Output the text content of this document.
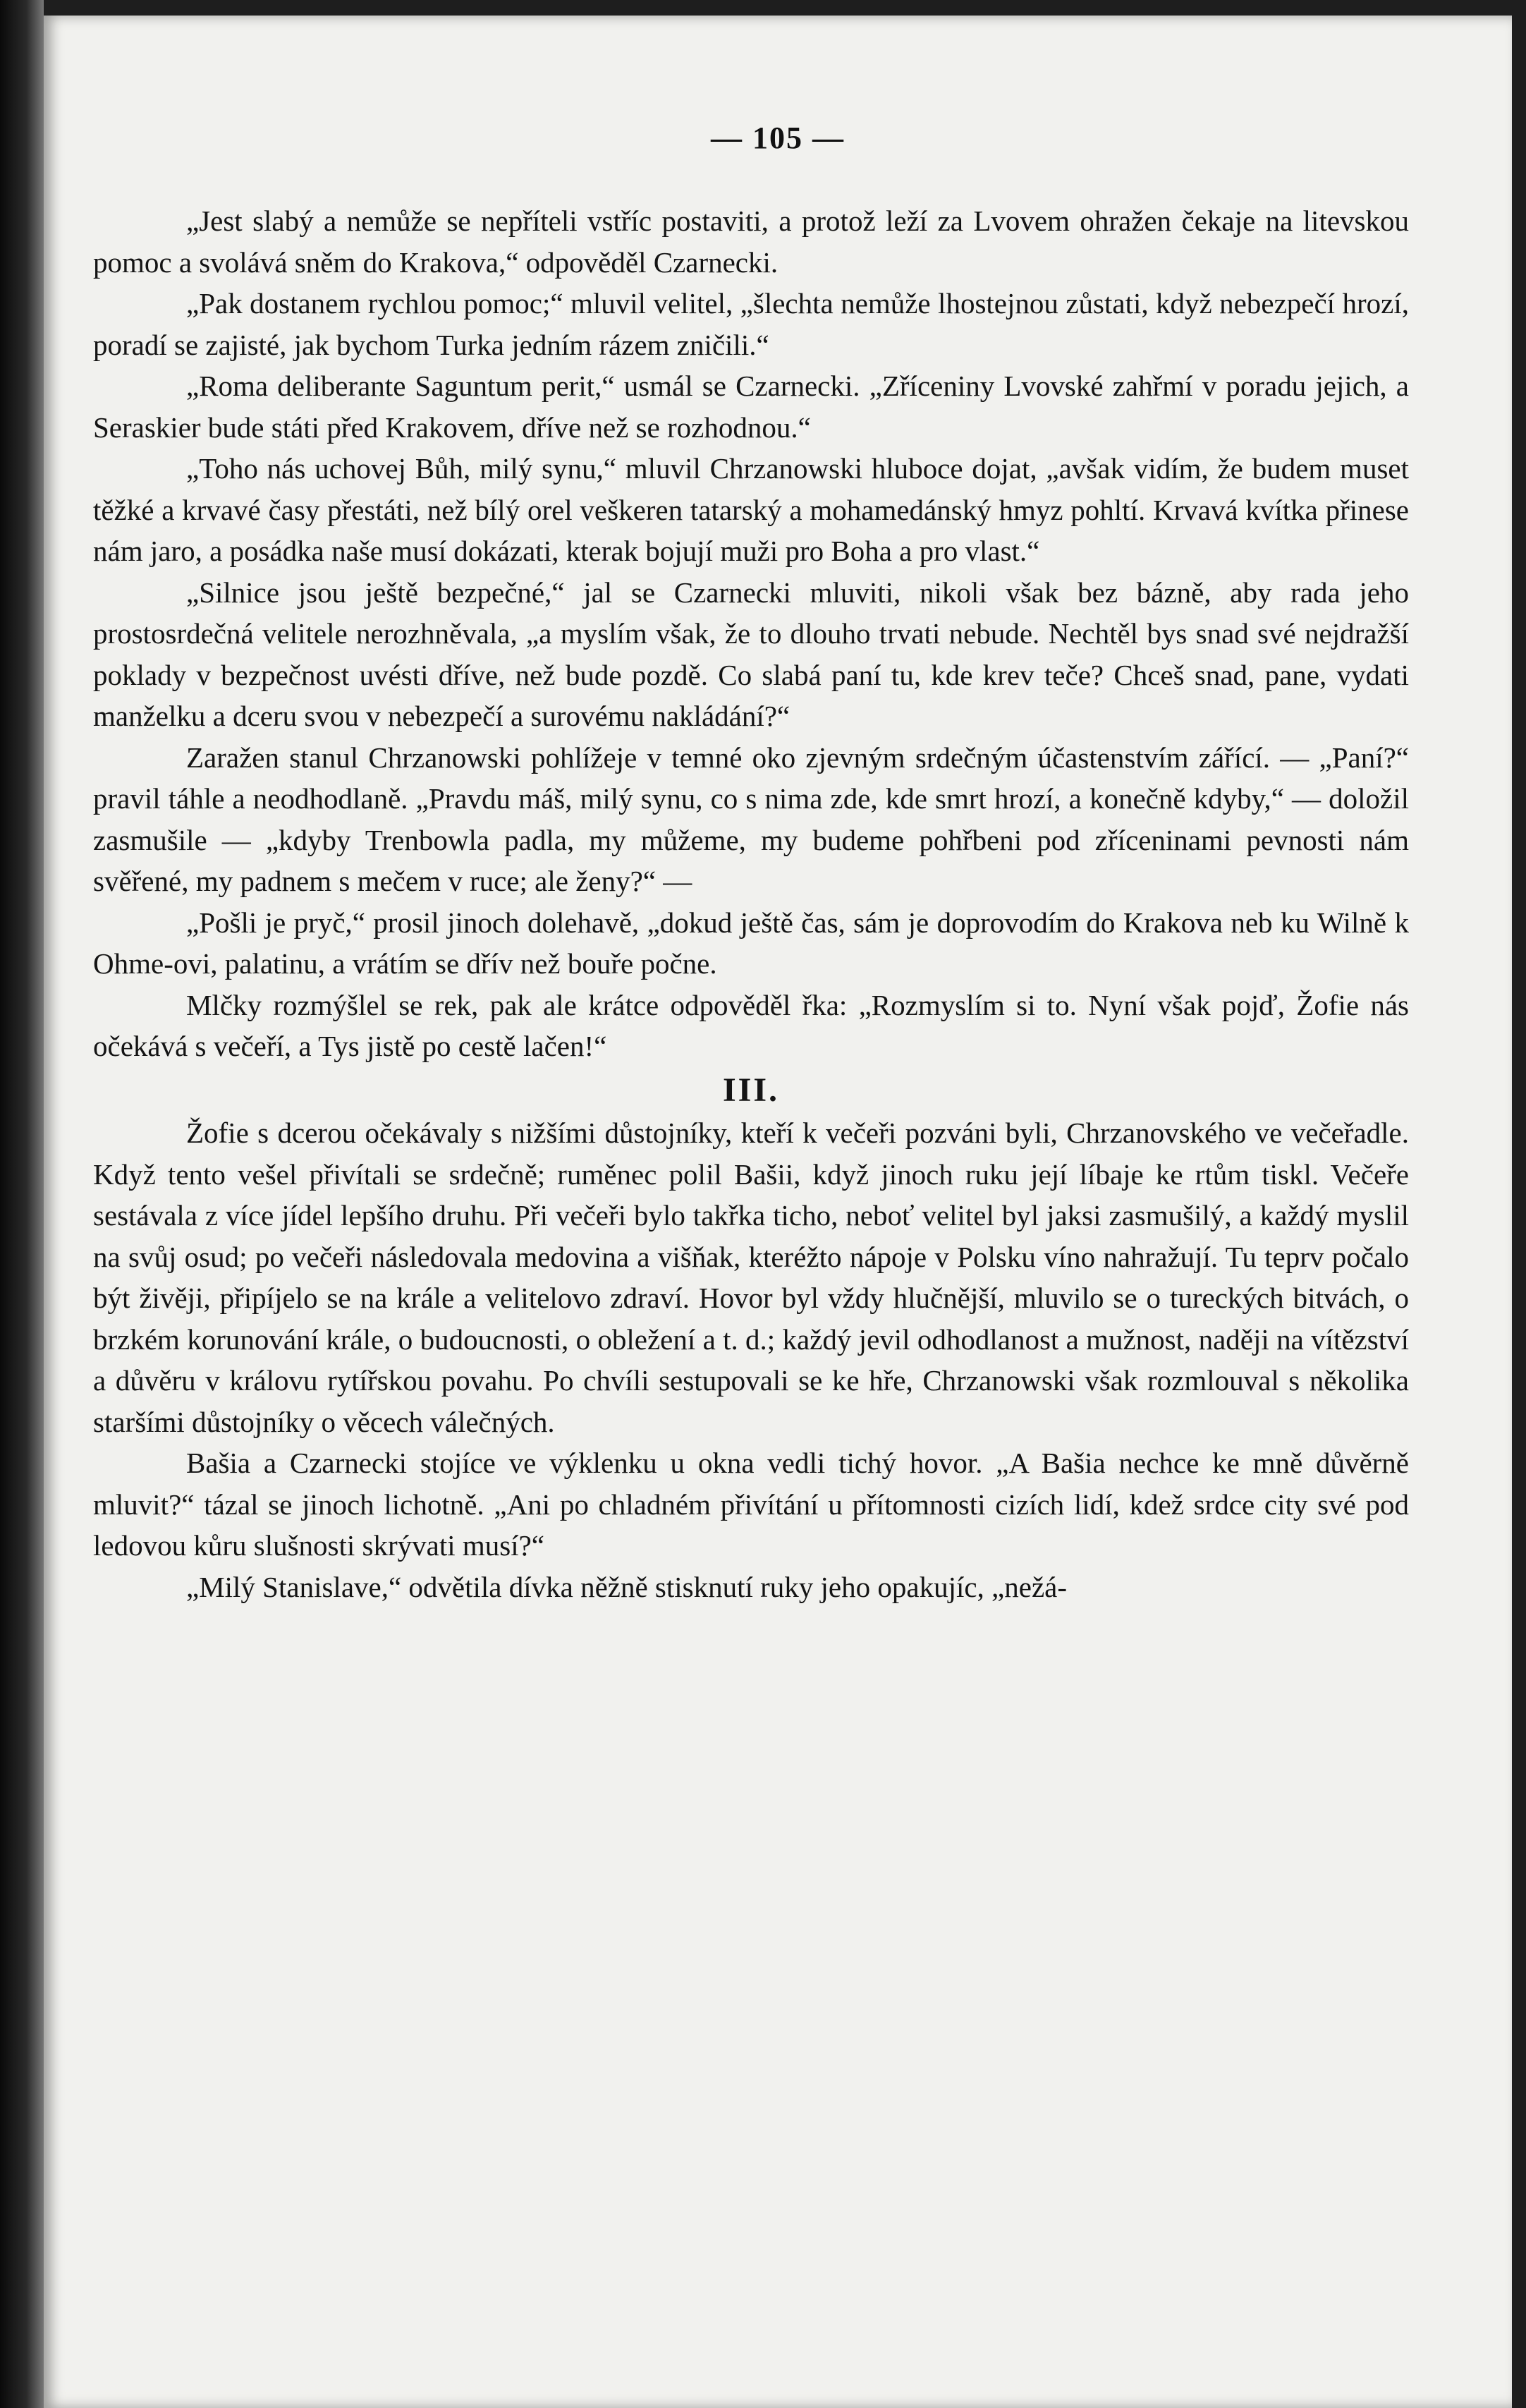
— 105 —

„Jest slabý a nemůže se nepříteli vstříc postaviti, a protož leží za Lvovem ohražen čekaje na litevskou pomoc a svolává sněm do Krakova,“ odpověděl Czarnecki.

„Pak dostanem rychlou pomoc;“ mluvil velitel, „šlechta nemůže lhostejnou zůstati, když nebezpečí hrozí, poradí se zajisté, jak bychom Turka jedním rázem zničili.“

„Roma deliberante Saguntum perit,“ usmál se Czarnecki. „Zříceniny Lvovské zahřmí v poradu jejich, a Seraskier bude státi před Krakovem, dříve než se rozhodnou.“

„Toho nás uchovej Bůh, milý synu,“ mluvil Chrzanowski hluboce dojat, „avšak vidím, že budem muset těžké a krvavé časy přestáti, než bílý orel veškeren tatarský a mohamedánský hmyz pohltí. Krvavá kvítka přinese nám jaro, a posádka naše musí dokázati, kterak bojují muži pro Boha a pro vlast.“

„Silnice jsou ještě bezpečné,“ jal se Czarnecki mluviti, nikoli však bez bázně, aby rada jeho prostosrdečná velitele nerozhněvala, „a myslím však, že to dlouho trvati nebude. Nechtěl bys snad své nejdražší poklady v bezpečnost uvésti dříve, než bude pozdě. Co slabá paní tu, kde krev teče? Chceš snad, pane, vydati manželku a dceru svou v nebezpečí a surovému nakládání?“

Zaražen stanul Chrzanowski pohlížeje v temné oko zjevným srdečným účastenstvím zářící. — „Paní?“ pravil táhle a neodhodlaně. „Pravdu máš, milý synu, co s nima zde, kde smrt hrozí, a konečně kdyby,“ — doložil zasmušile — „kdyby Trenbowla padla, my můžeme, my budeme pohřbeni pod zříceninami pevnosti nám svěřené, my padnem s mečem v ruce; ale ženy?“ —

„Pošli je pryč,“ prosil jinoch dolehavě, „dokud ještě čas, sám je doprovodím do Krakova neb ku Wilně k Ohme-ovi, palatinu, a vrátím se dřív než bouře počne.

Mlčky rozmýšlel se rek, pak ale krátce odpověděl řka: „Rozmyslím si to. Nyní však pojď, Žofie nás očekává s večeří, a Tys jistě po cestě lačen!“

III.

Žofie s dcerou očekávaly s nižšími důstojníky, kteří k večeři pozváni byli, Chrzanovského ve večeřadle. Když tento vešel přivítali se srdečně; ruměnec polil Bašii, když jinoch ruku její líbaje ke rtům tiskl. Večeře sestávala z více jídel lepšího druhu. Při večeři bylo takřka ticho, neboť velitel byl jaksi zasmušilý, a každý myslil na svůj osud; po večeři následovala medovina a višňak, kteréžto nápoje v Polsku víno nahražují. Tu teprv počalo být živěji, připíjelo se na krále a velitelovo zdraví. Hovor byl vždy hlučnější, mluvilo se o tureckých bitvách, o brzkém korunování krále, o budoucnosti, o obležení a t. d.; každý jevil odhodlanost a mužnost, naději na vítězství a důvěru v královu rytířskou povahu. Po chvíli sestupovali se ke hře, Chrzanowski však rozmlouval s několika staršími důstojníky o věcech válečných.

Bašia a Czarnecki stojíce ve výklenku u okna vedli tichý hovor. „A Bašia nechce ke mně důvěrně mluvit?“ tázal se jinoch lichotně. „Ani po chladném přivítání u přítomnosti cizích lidí, kdež srdce city své pod ledovou kůru slušnosti skrývati musí?“

„Milý Stanislave,“ odvětila dívka něžně stisknutí ruky jeho opakujíc, „nežá-
